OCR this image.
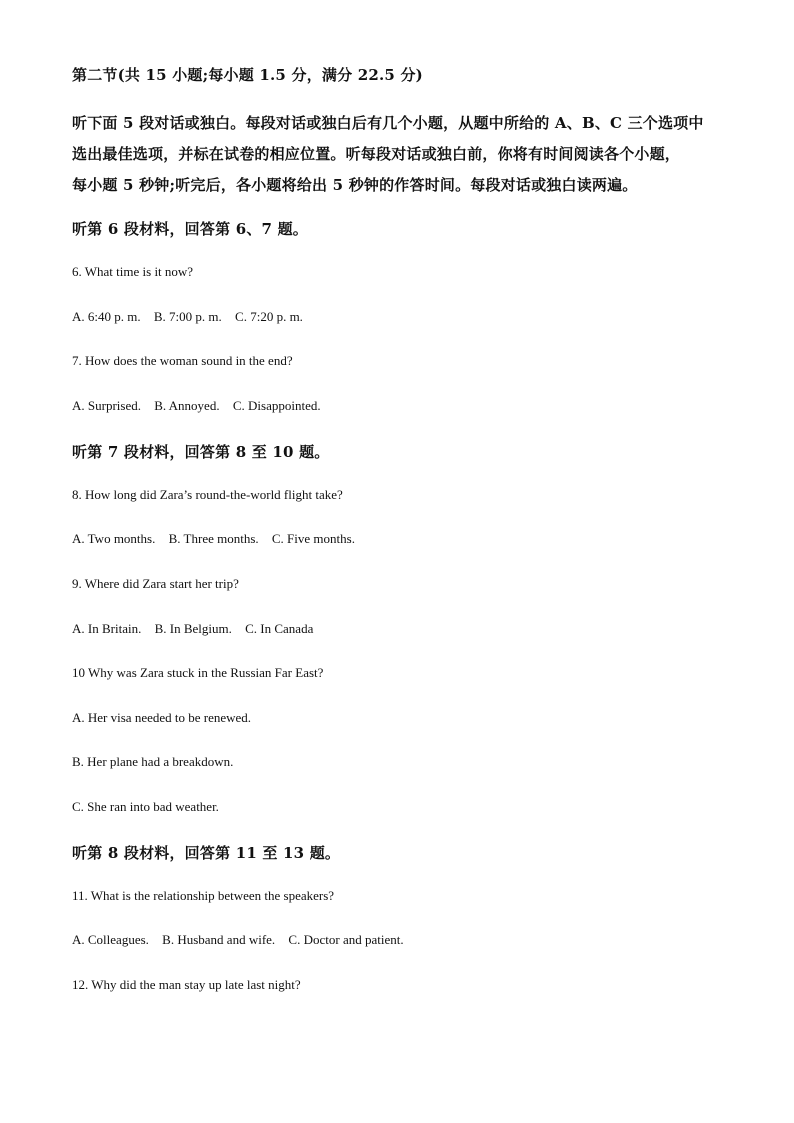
第二节(共 15 小题;每小题 1.5 分，满分 22.5 分)
听下面 5 段对话或独白。每段对话或独白后有几个小题，从题中所给的 A、B、C 三个选项中
选出最佳选项，并标在试卷的相应位置。听每段对话或独白前，你将有时间阅读各个小题，
每小题 5 秒钟;听完后，各小题将给出 5 秒钟的作答时间。每段对话或独白读两遍。
听第 6 段材料，回答第 6、7 题。
6. What time is it now?
A. 6:40 p. m. B. 7:00 p. m. C. 7:20 p. m.
7. How does the woman sound in the end?
A. Surprised. B. Annoyed. C. Disappointed.
听第 7 段材料，回答第 8 至 10 题。
8. How long did Zara’s round-the-world flight take?
A. Two months. B. Three months. C. Five months.
9. Where did Zara start her trip?
A. In Britain. B. In Belgium. C. In Canada
10 Why was Zara stuck in the Russian Far East?
A. Her visa needed to be renewed.
B. Her plane had a breakdown.
C. She ran into bad weather.
听第 8 段材料，回答第 11 至 13 题。
11. What is the relationship between the speakers?
A. Colleagues. B. Husband and wife. C. Doctor and patient.
12. Why did the man stay up late last night?
